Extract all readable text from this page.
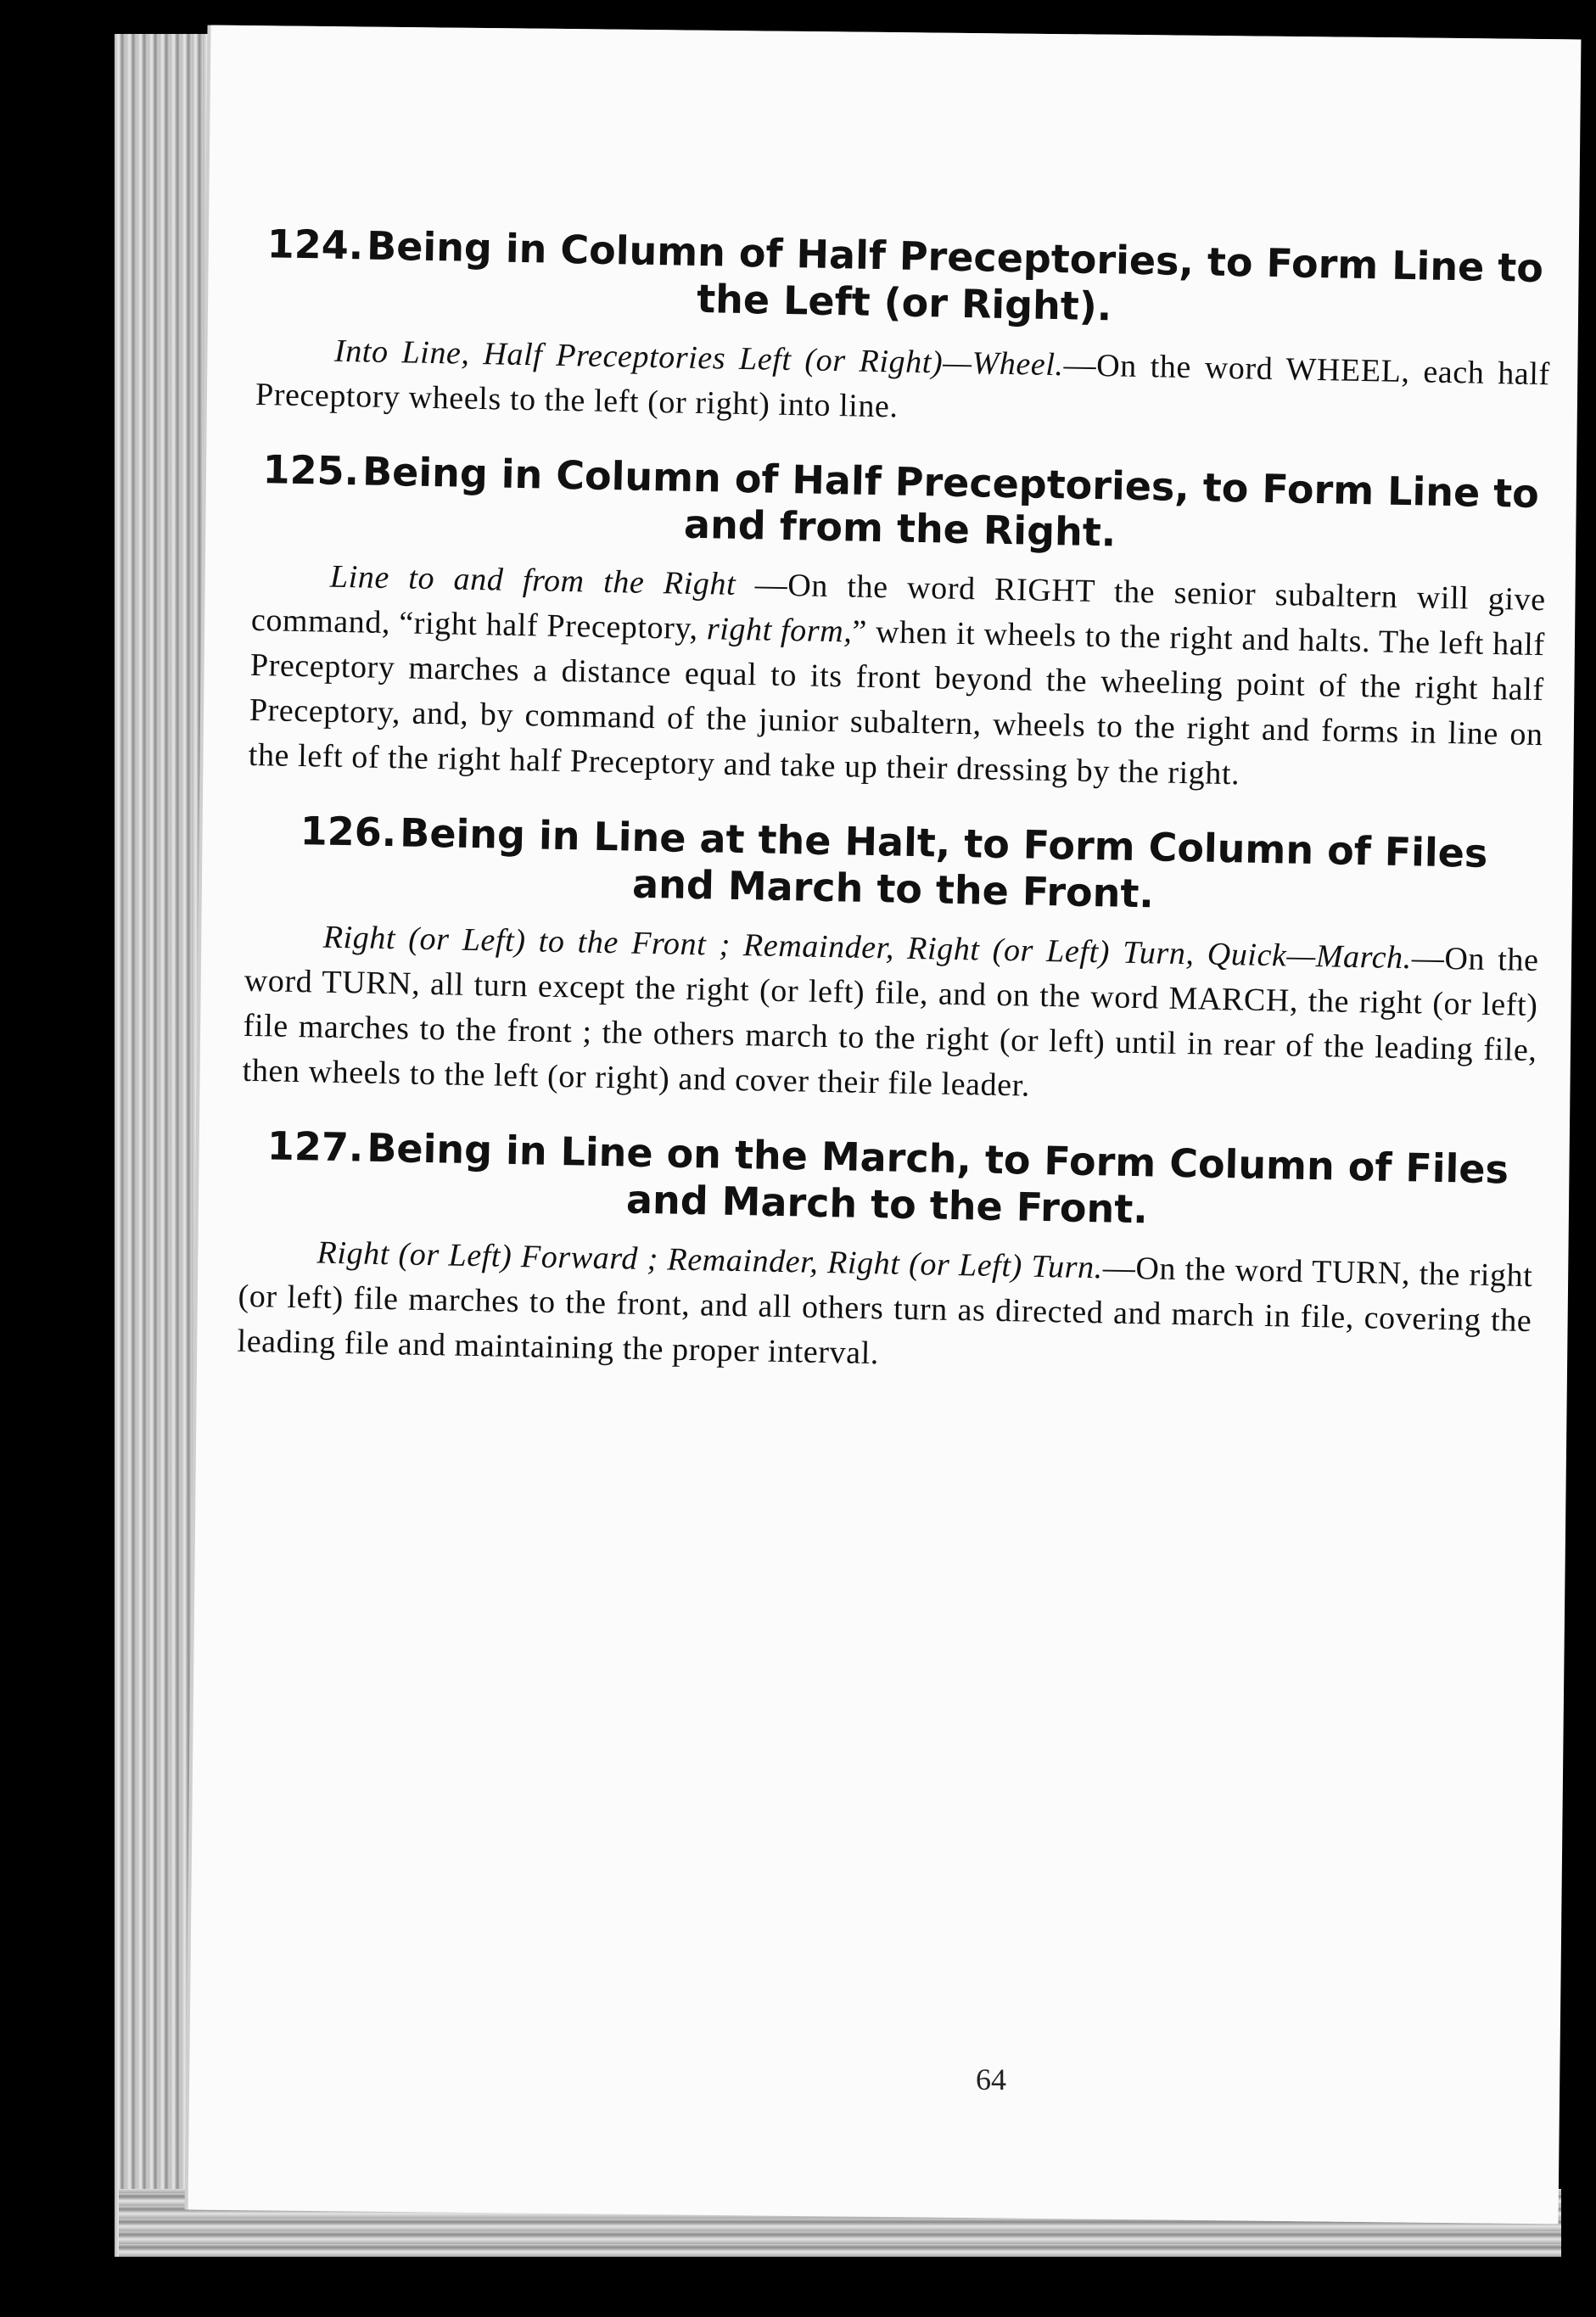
124.Being in Column of Half Preceptories, to Form Line to the Left (or Right).

Into Line, Half Preceptories Left (or Right)—Wheel.—On the word WHEEL, each half Preceptory wheels to the left (or right) into line.

125.Being in Column of Half Preceptories, to Form Line to and from the Right.

Line to and from the Right —On the word RIGHT the senior subaltern will give command, “right half Preceptory, right form,” when it wheels to the right and halts. The left half Preceptory marches a distance equal to its front beyond the wheeling point of the right half Preceptory, and, by command of the junior subaltern, wheels to the right and forms in line on the left of the right half Preceptory and take up their dressing by the right.

126.Being in Line at the Halt, to Form Column of Files and March to the Front.

Right (or Left) to the Front ; Remainder, Right (or Left) Turn, Quick—March.—On the word TURN, all turn except the right (or left) file, and on the word MARCH, the right (or left) file marches to the front ; the others march to the right (or left) until in rear of the leading file, then wheels to the left (or right) and cover their file leader.

127.Being in Line on the March, to Form Column of Files and March to the Front.

Right (or Left) Forward ; Remainder, Right (or Left) Turn.—On the word TURN, the right (or left) file marches to the front, and all others turn as directed and march in file, covering the leading file and maintaining the proper interval.

64
